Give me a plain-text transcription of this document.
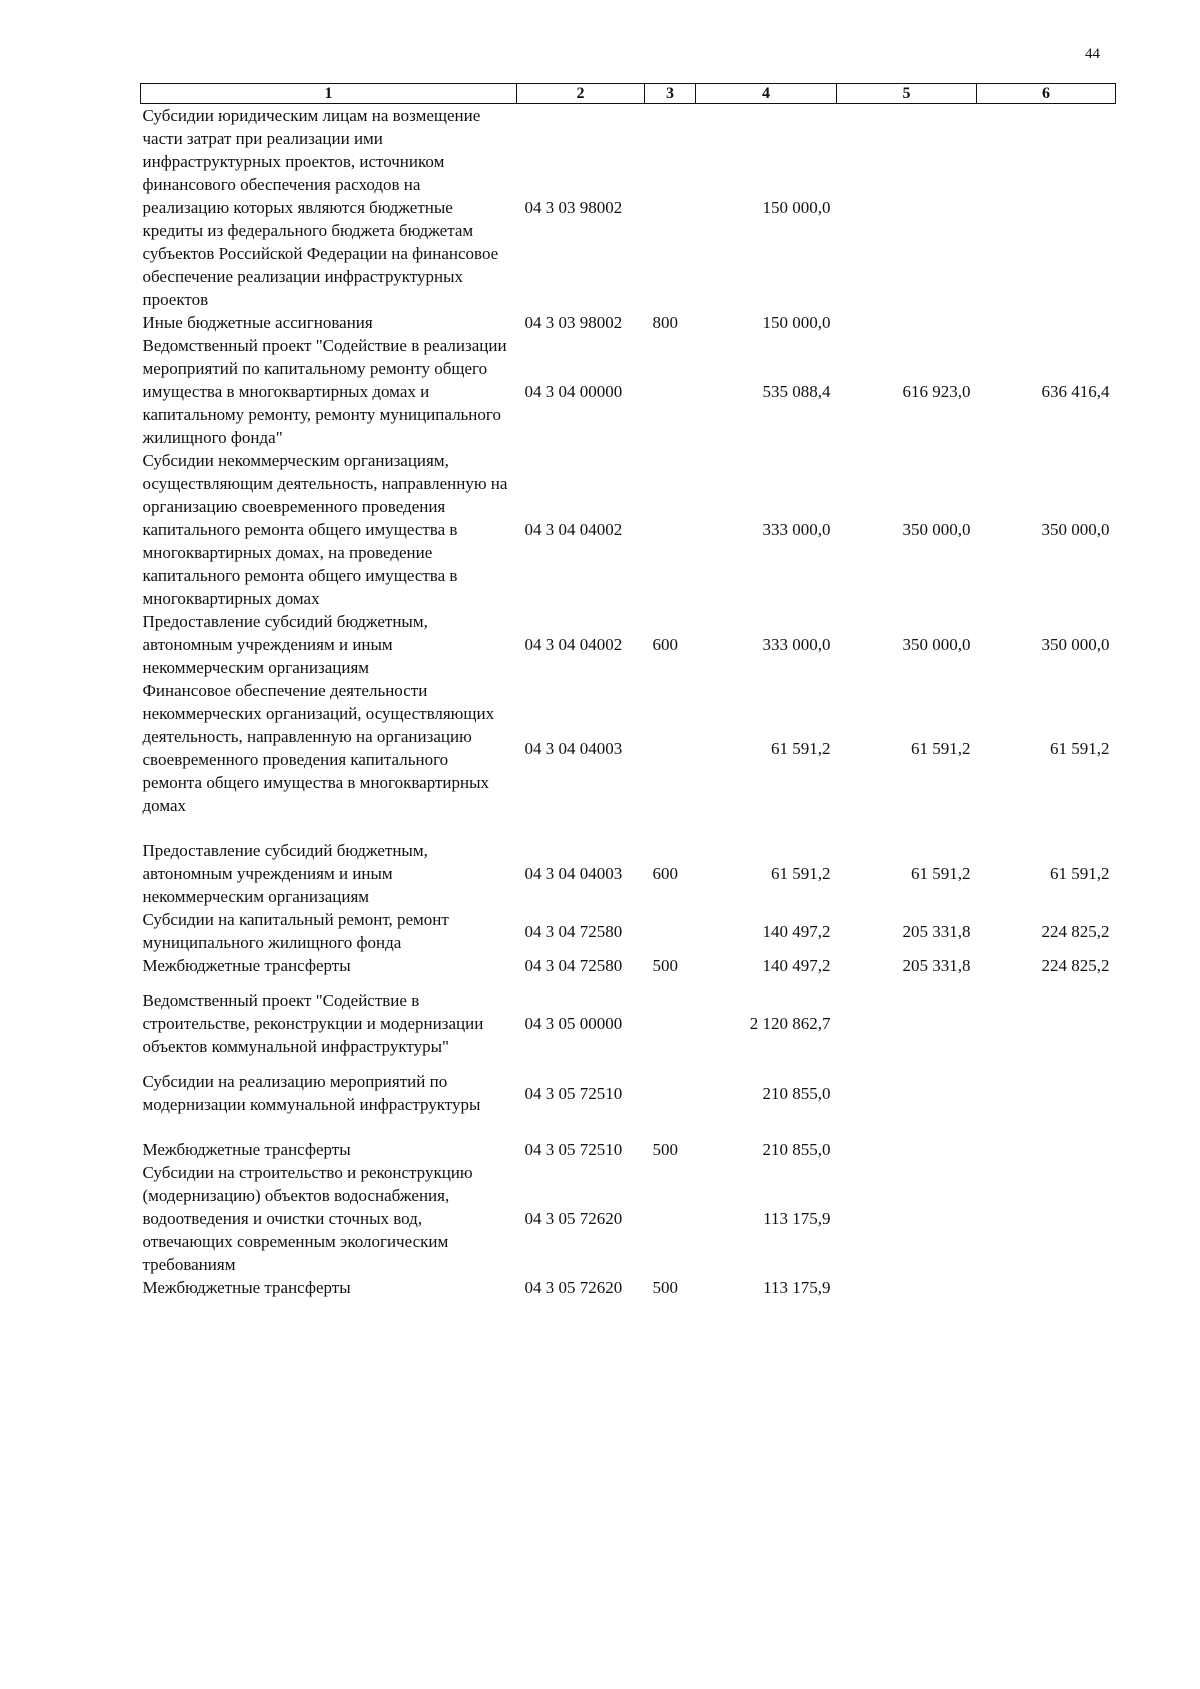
44
1	2	3	4	5	6
Субсидии юридическим лицам на возмещение части затрат при реализации ими инфраструктурных проектов, источником финансового обеспечения расходов на реализацию которых являются бюджетные кредиты из федерального бюджета бюджетам субъектов Российской Федерации на финансовое обеспечение реализации инфраструктурных проектов	04 3 03 98002		150 000,0		
Иные бюджетные ассигнования	04 3 03 98002	800	150 000,0		
Ведомственный проект "Содействие в реализации мероприятий по капитальному ремонту общего имущества в многоквартирных домах и капитальному ремонту, ремонту муниципального жилищного фонда"	04 3 04 00000		535 088,4	616 923,0	636 416,4
Субсидии некоммерческим организациям, осуществляющим деятельность, направленную на организацию своевременного проведения капитального ремонта общего имущества в многоквартирных домах, на проведение капитального ремонта общего имущества в многоквартирных домах	04 3 04 04002		333 000,0	350 000,0	350 000,0
Предоставление субсидий бюджетным, автономным учреждениям и иным некоммерческим организациям	04 3 04 04002	600	333 000,0	350 000,0	350 000,0
Финансовое обеспечение деятельности некоммерческих организаций, осуществляющих деятельность, направленную на организацию своевременного проведения капитального ремонта общего имущества в многоквартирных домах	04 3 04 04003		61 591,2	61 591,2	61 591,2
Предоставление субсидий бюджетным, автономным учреждениям и иным некоммерческим организациям	04 3 04 04003	600	61 591,2	61 591,2	61 591,2
Субсидии на капитальный ремонт, ремонт муниципального жилищного фонда	04 3 04 72580		140 497,2	205 331,8	224 825,2
Межбюджетные трансферты	04 3 04 72580	500	140 497,2	205 331,8	224 825,2
Ведомственный проект "Содействие в строительстве, реконструкции и модернизации объектов коммунальной инфраструктуры"	04 3 05 00000		2 120 862,7		
Субсидии на реализацию мероприятий по модернизации коммунальной инфраструктуры	04 3 05 72510		210 855,0		
Межбюджетные трансферты	04 3 05 72510	500	210 855,0		
Субсидии на строительство и реконструкцию (модернизацию) объектов водоснабжения, водоотведения и очистки сточных вод, отвечающих современным экологическим требованиям	04 3 05 72620		113 175,9		
Межбюджетные трансферты	04 3 05 72620	500	113 175,9		
